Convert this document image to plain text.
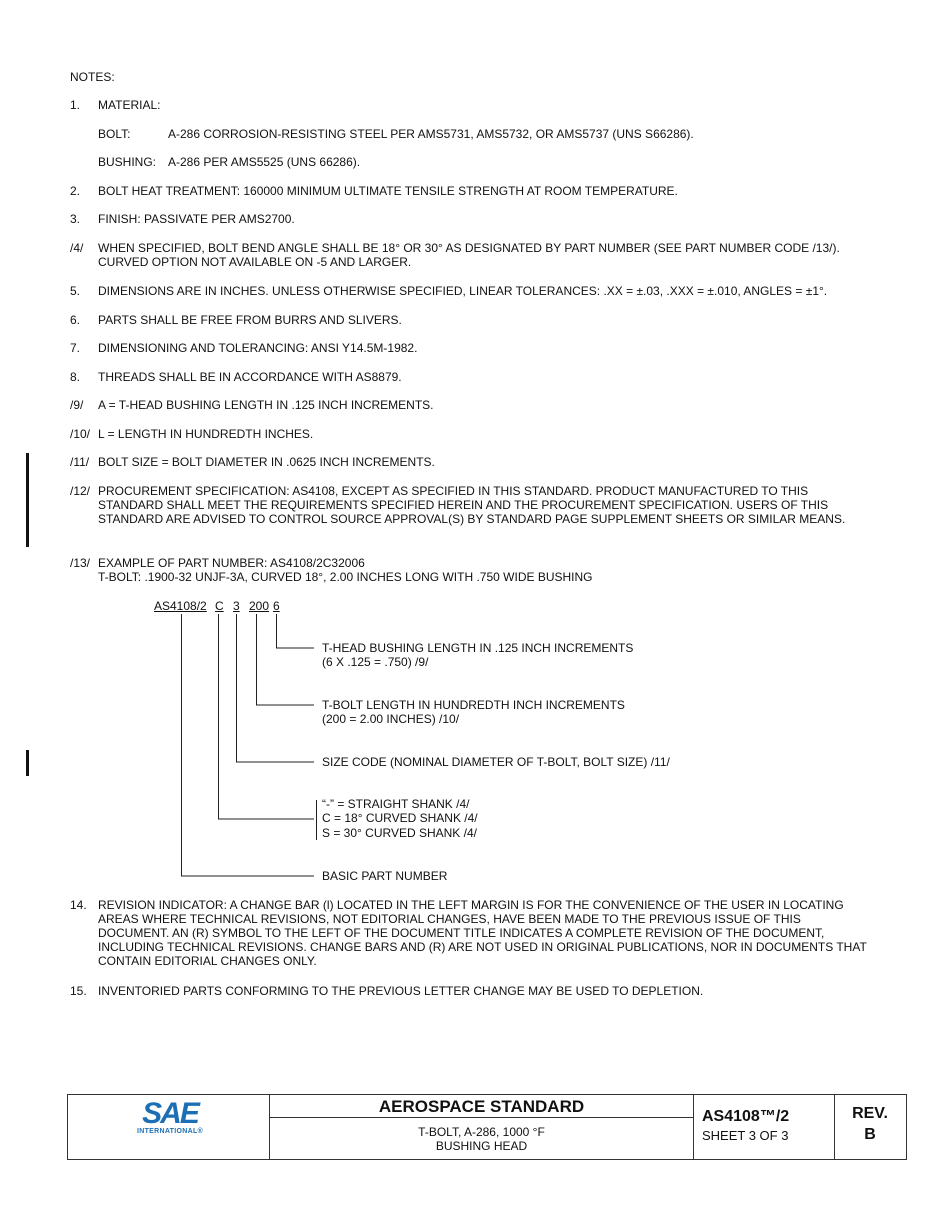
NOTES:
1. MATERIAL:
BOLT:	A-286 CORROSION-RESISTING STEEL PER AMS5731, AMS5732, OR AMS5737 (UNS S66286).
BUSHING: A-286 PER AMS5525 (UNS 66286).
2. BOLT HEAT TREATMENT: 160000 MINIMUM ULTIMATE TENSILE STRENGTH AT ROOM TEMPERATURE.
3. FINISH: PASSIVATE PER AMS2700.
/4/ WHEN SPECIFIED, BOLT BEND ANGLE SHALL BE 18° OR 30° AS DESIGNATED BY PART NUMBER (SEE PART NUMBER CODE /13/). CURVED OPTION NOT AVAILABLE ON -5 AND LARGER.
5. DIMENSIONS ARE IN INCHES. UNLESS OTHERWISE SPECIFIED, LINEAR TOLERANCES: .XX = ±.03, .XXX = ±.010, ANGLES = ±1°.
6. PARTS SHALL BE FREE FROM BURRS AND SLIVERS.
7. DIMENSIONING AND TOLERANCING: ANSI Y14.5M-1982.
8. THREADS SHALL BE IN ACCORDANCE WITH AS8879.
/9/ A = T-HEAD BUSHING LENGTH IN .125 INCH INCREMENTS.
/10/ L = LENGTH IN HUNDREDTH INCHES.
/11/ BOLT SIZE = BOLT DIAMETER IN .0625 INCH INCREMENTS.
/12/ PROCUREMENT SPECIFICATION: AS4108, EXCEPT AS SPECIFIED IN THIS STANDARD. PRODUCT MANUFACTURED TO THIS STANDARD SHALL MEET THE REQUIREMENTS SPECIFIED HEREIN AND THE PROCUREMENT SPECIFICATION. USERS OF THIS STANDARD ARE ADVISED TO CONTROL SOURCE APPROVAL(S) BY STANDARD PAGE SUPPLEMENT SHEETS OR SIMILAR MEANS.
/13/ EXAMPLE OF PART NUMBER: AS4108/2C32006
T-BOLT: .1900-32 UNJF-3A, CURVED 18°, 2.00 INCHES LONG WITH .750 WIDE BUSHING
AS4108/2 C 3 200 6
T-HEAD BUSHING LENGTH IN .125 INCH INCREMENTS
(6 X .125 = .750) /9/
T-BOLT LENGTH IN HUNDREDTH INCH INCREMENTS
(200 = 2.00 INCHES) /10/
SIZE CODE (NOMINAL DIAMETER OF T-BOLT, BOLT SIZE) /11/
“-” = STRAIGHT SHANK /4/
C = 18° CURVED SHANK /4/
S = 30° CURVED SHANK /4/
BASIC PART NUMBER
14. REVISION INDICATOR: A CHANGE BAR (l) LOCATED IN THE LEFT MARGIN IS FOR THE CONVENIENCE OF THE USER IN LOCATING AREAS WHERE TECHNICAL REVISIONS, NOT EDITORIAL CHANGES, HAVE BEEN MADE TO THE PREVIOUS ISSUE OF THIS DOCUMENT. AN (R) SYMBOL TO THE LEFT OF THE DOCUMENT TITLE INDICATES A COMPLETE REVISION OF THE DOCUMENT, INCLUDING TECHNICAL REVISIONS. CHANGE BARS AND (R) ARE NOT USED IN ORIGINAL PUBLICATIONS, NOR IN DOCUMENTS THAT CONTAIN EDITORIAL CHANGES ONLY.
15. INVENTORIED PARTS CONFORMING TO THE PREVIOUS LETTER CHANGE MAY BE USED TO DEPLETION.
SAE
INTERNATIONAL®
AEROSPACE STANDARD
T-BOLT, A-286, 1000 °F
BUSHING HEAD
AS4108™/2
SHEET 3 OF 3
REV.
B
